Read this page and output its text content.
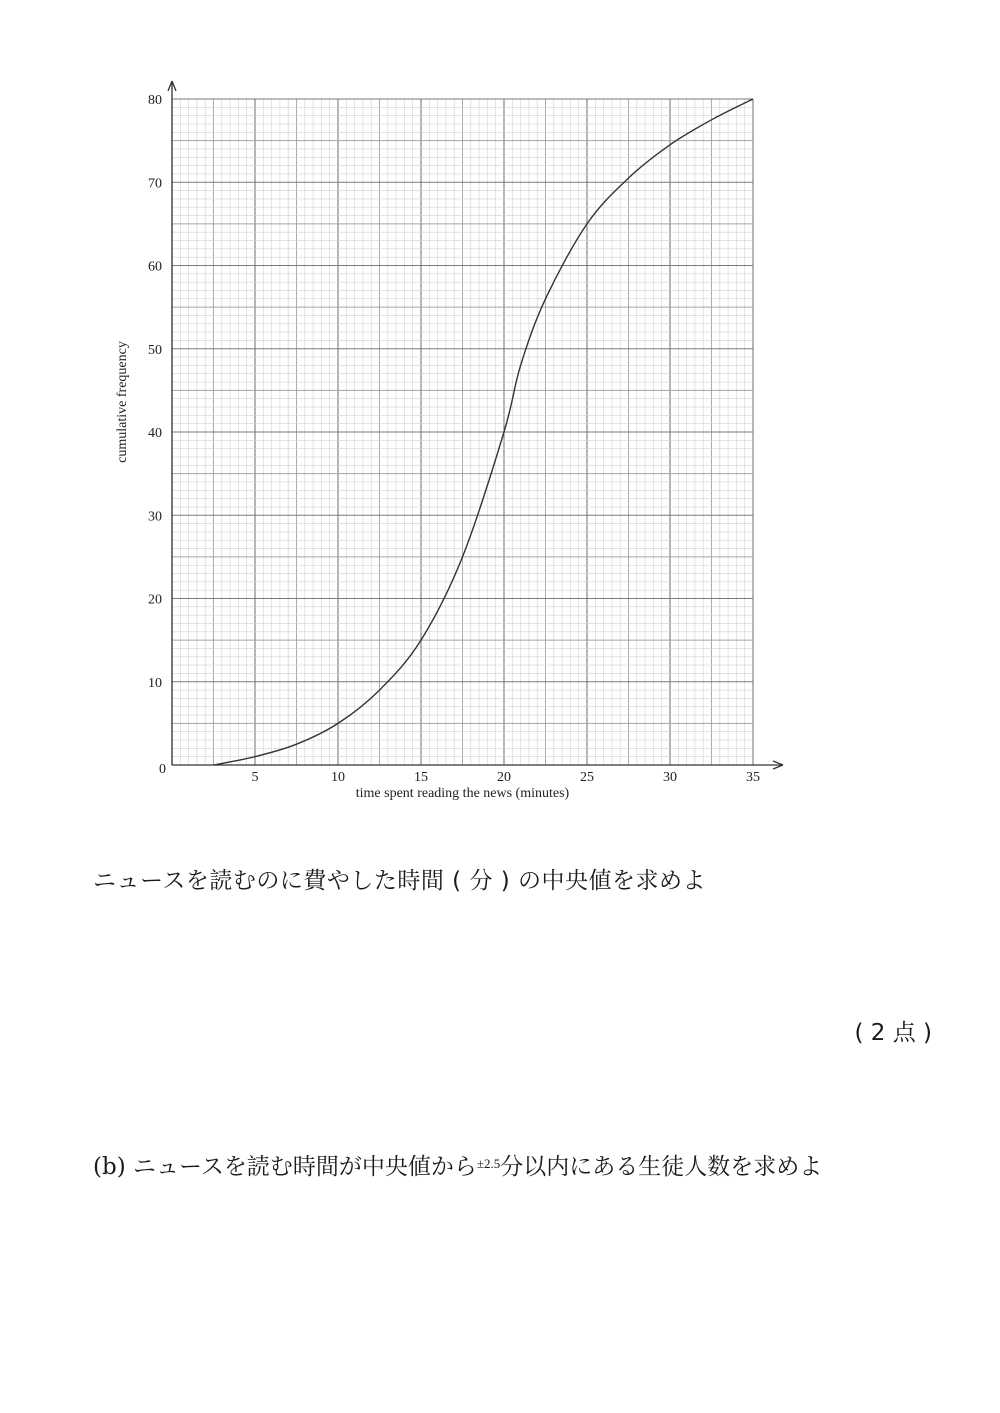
5	10	15	20	25	30	35
0
10
20
30
40
50
60
70
80
time spent reading the news (minutes)
cumulative frequency
ニュースを読むのに費やした時間 ( 分 ) の中央値を求めよ
( 2 点 )
(b) ニュースを読む時間が中央値から$^{\pm 2.5}$分以内にある生徒人数を求めよ
